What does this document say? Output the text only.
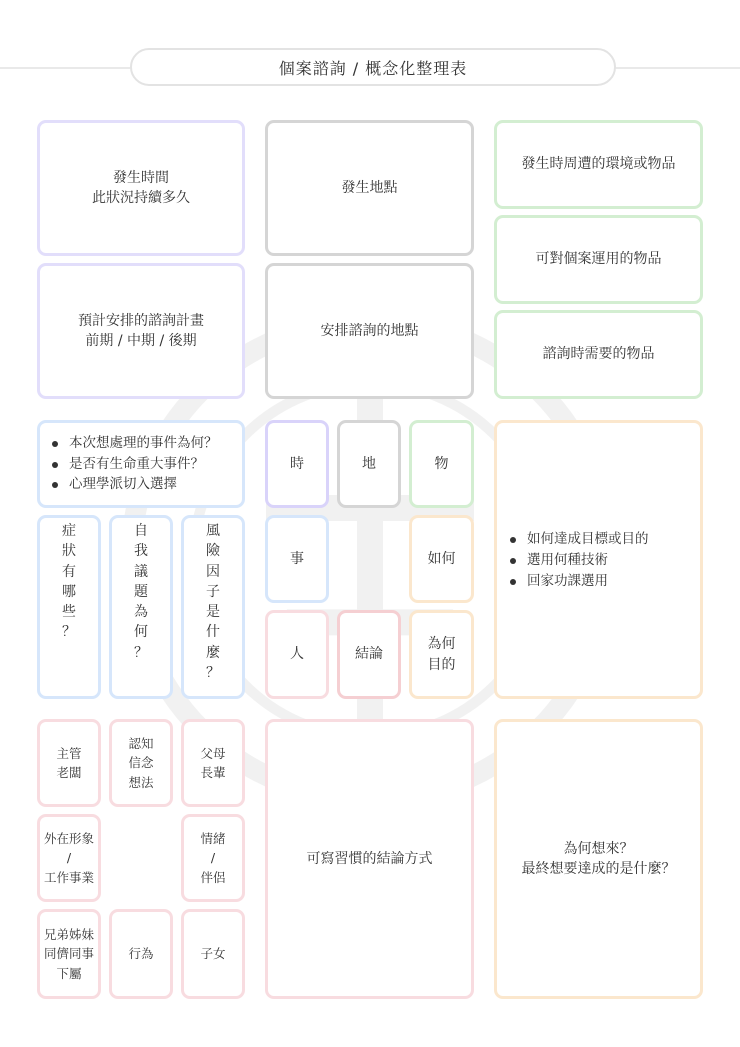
個案諮詢 / 概念化整理表
發生時間
此狀況持續多久
發生地點
發生時周遭的環境或物品
可對個案運用的物品
預計安排的諮詢計畫
前期 / 中期 / 後期
安排諮詢的地點
諮詢時需要的物品
本次想處理的事件為何？
是否有生命重大事件？
心理學派切入選擇
症
狀
有
哪
些
？
自
我
議
題
為
何
？
風
險
因
子
是
什
麼
？
時	地	物
事	如何
人	結論
為何
目的
如何達成目標或目的
選用何種技術
回家功課選用
主管
老闆
認知
信念
想法
父母
長輩
外在形象
/
工作事業
情緒
/
伴侶
兄弟姊妹
同儕同事
下屬
行為	子女
可寫習慣的結論方式
為何想來？
最終想要達成的是什麼？
